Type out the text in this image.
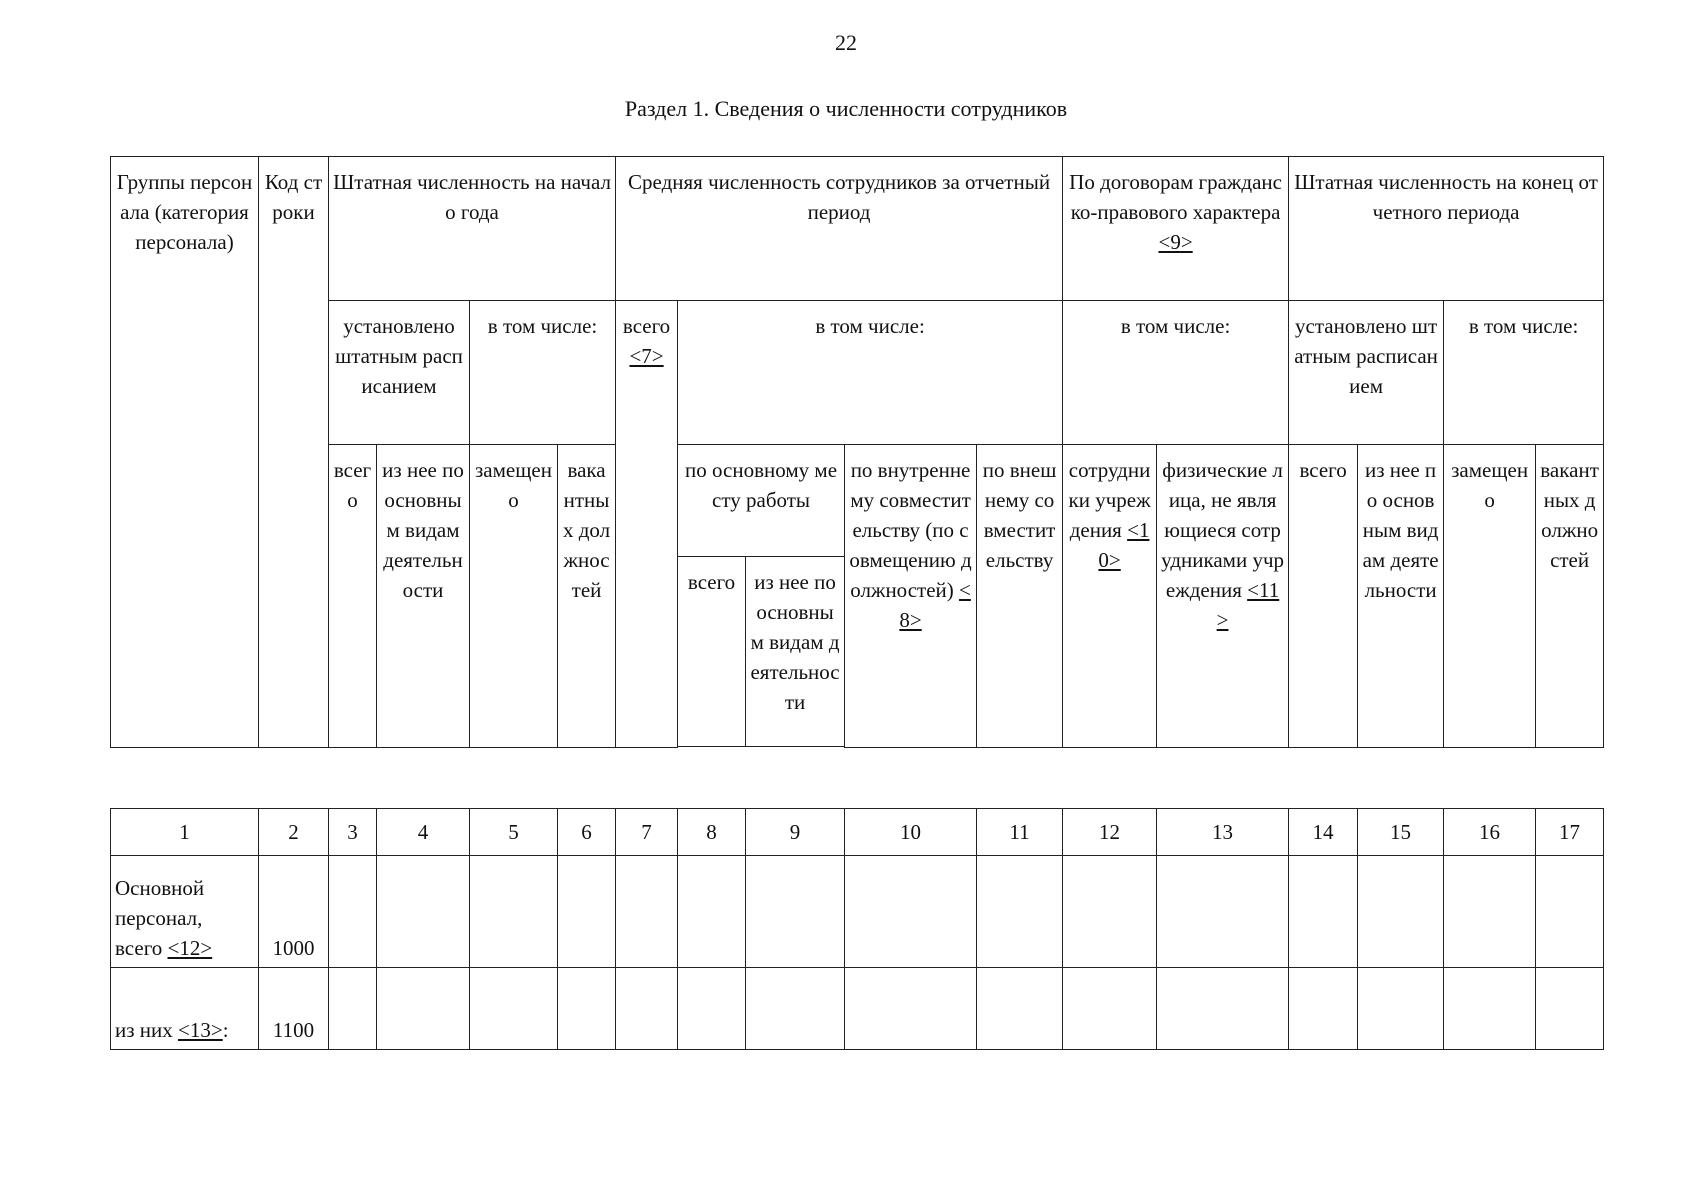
22
Раздел 1. Сведения о численности сотрудников
Группы персонала (категория персонала)	Код строки	Штатная численность на начало года				Средняя численность сотрудников за отчетный период					По договорам гражданско-правового характера <9>		Штатная численность на конец отчетного периода			
		установлено штатным расписанием		в том числе:		всего <7>	в том числе:				в том числе:		установлено штатным расписанием		в том числе:	
		всего	из нее по основным видам деятельности	замещено	вакантных должностей		по основному месту работы		по внутреннему совместительству (по совмещению должностей) <8>	по внешнему совместительству	сотрудники учреждения <10>	физические лица, не являющиеся сотрудниками учреждения <11>	всего	из нее по основным видам деятельности	замещено	вакантных должностей
							всего	из нее по основным видам деятельности								

1	2	3	4	5	6	7	8	9	10	11	12	13	14	15	16	17
Основной персонал, всего <12>	1000															
из них <13>:	1100															
